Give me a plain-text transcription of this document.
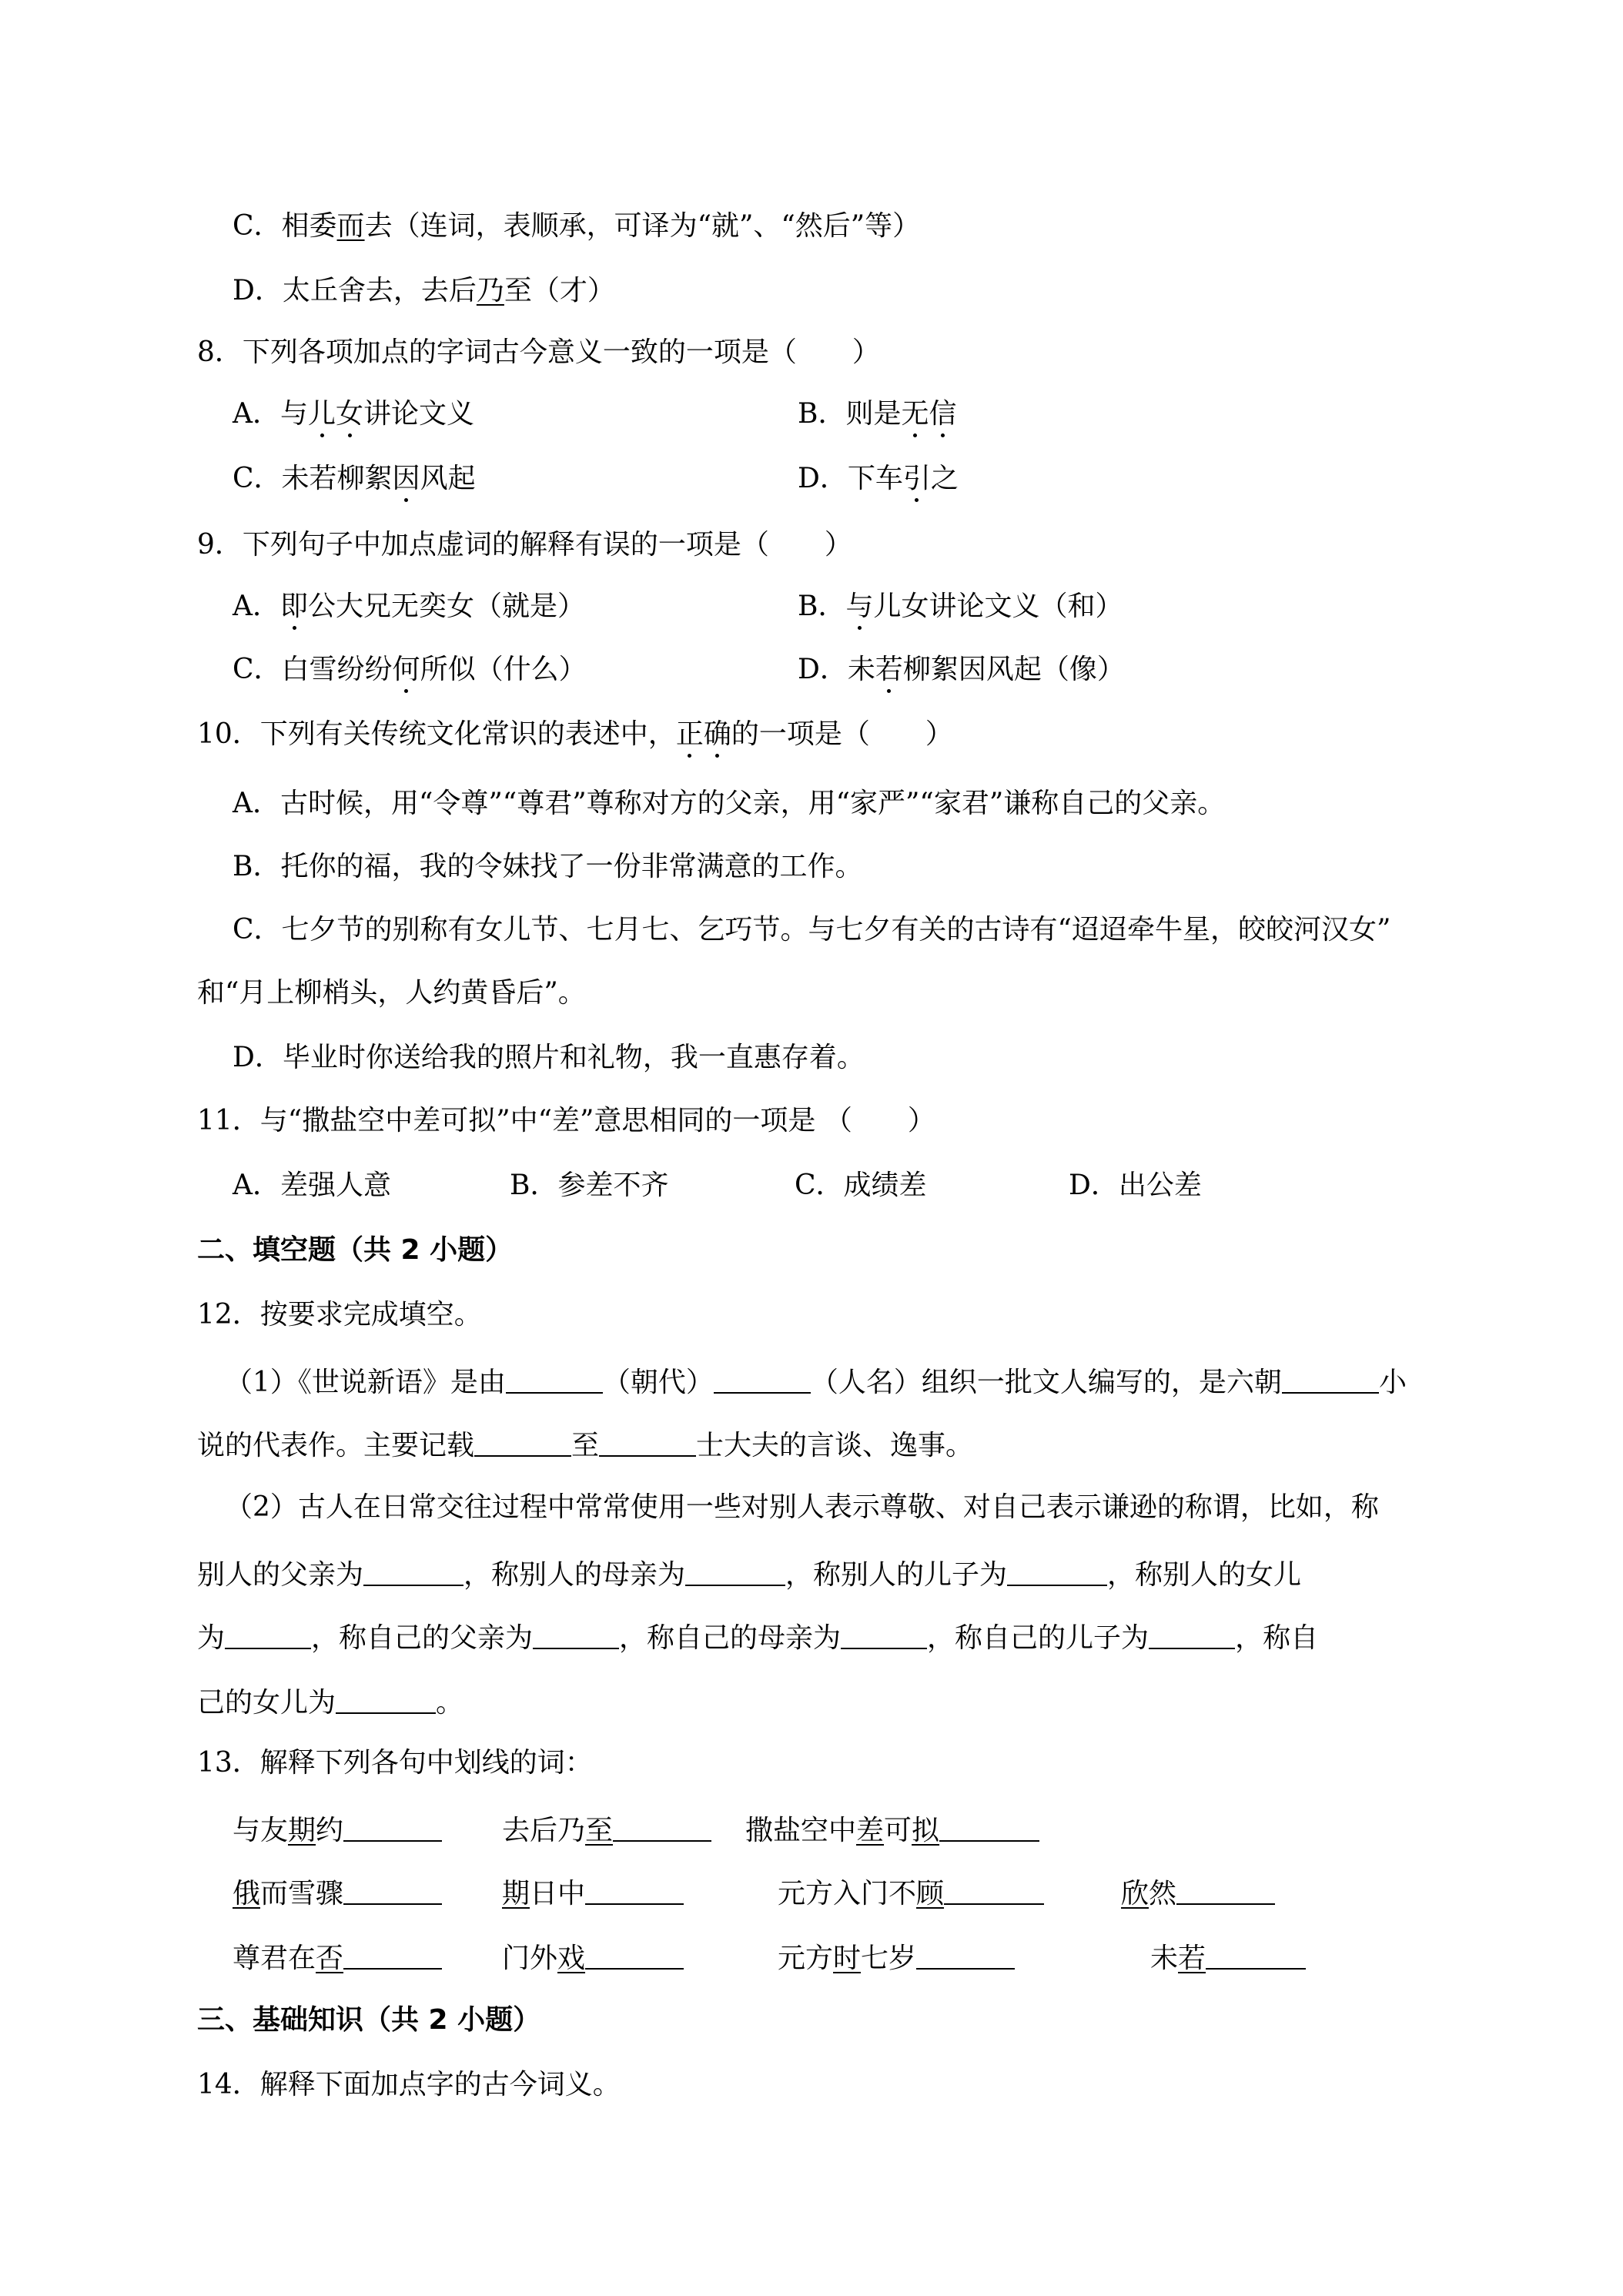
C．相委而去（连词，表顺承，可译为“就”、“然后”等）
D．太丘舍去，去后乃至（才）
8．下列各项加点的字词古今意义一致的一项是（　　）
A．与儿女讲论文义	B．则是无信
C．未若柳絮因风起	D．下车引之
9．下列句子中加点虚词的解释有误的一项是（　　）
A．即公大兄无奕女（就是）	B．与儿女讲论文义（和）
C．白雪纷纷何所似（什么）	D．未若柳絮因风起（像）
10．下列有关传统文化常识的表述中，正确的一项是（　　）
A．古时候，用“令尊”“尊君”尊称对方的父亲，用“家严”“家君”谦称自己的父亲。
B．托你的福，我的令妹找了一份非常满意的工作。
C．七夕节的别称有女儿节、七月七、乞巧节。与七夕有关的古诗有“迢迢牵牛星，皎皎河汉女”
和“月上柳梢头，人约黄昏后”。
D．毕业时你送给我的照片和礼物，我一直惠存着。
11．与“撒盐空中差可拟”中“差”意思相同的一项是 （　　）
A．差强人意	B．参差不齐	C．成绩差	D．出公差
二、填空题（共 2 小题）
12．按要求完成填空。
（1）《世说新语》是由	（朝代）	（人名）组织一批文人编写的，是六朝	小
说的代表作。主要记载	至	士大夫的言谈、逸事。
（2）古人在日常交往过程中常常使用一些对别人表示尊敬、对自己表示谦逊的称谓，比如，称
别人的父亲为	，称别人的母亲为	，称别人的儿子为	，称别人的女儿
为	，称自己的父亲为	，称自己的母亲为	，称自己的儿子为	，称自
己的女儿为	。
13．解释下列各句中划线的词：
与友期约	去后乃至	撒盐空中差可拟
俄而雪骤	期日中	元方入门不顾	欣然
尊君在否	门外戏	元方时七岁	未若
三、基础知识（共 2 小题）
14．解释下面加点字的古今词义。
